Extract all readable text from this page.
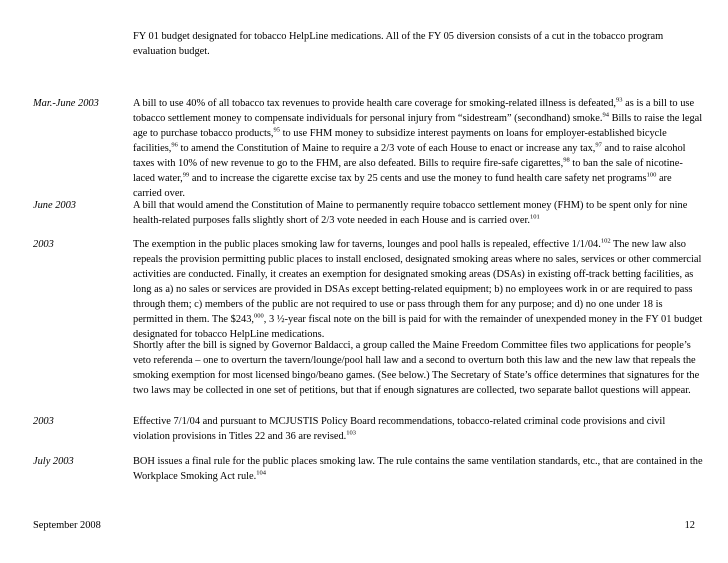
FY 01 budget designated for tobacco HelpLine medications. All of the FY 05 diversion consists of a cut in the tobacco program evaluation budget.
Mar.-June 2003	A bill to use 40% of all tobacco tax revenues to provide health care coverage for smoking-related illness is defeated,$^{93}$ as is a bill to use tobacco settlement money to compensate individuals for personal injury from “sidestream” (secondhand) smoke.$^{94}$ Bills to raise the legal age to purchase tobacco products,$^{95}$ to use FHM money to subsidize interest payments on loans for employer-established bicycle facilities,$^{96}$ to amend the Constitution of Maine to require a 2/3 vote of each House to enact or increase any tax,$^{97}$ and to raise alcohol taxes with 10% of new revenue to go to the FHM, are also defeated. Bills to require fire-safe cigarettes,$^{98}$ to ban the sale of nicotine-laced water,$^{99}$ and to increase the cigarette excise tax by 25 cents and use the money to fund health care safety net programs$^{100}$ are carried over.
June 2003	A bill that would amend the Constitution of Maine to permanently require tobacco settlement money (FHM) to be spent only for nine health-related purposes falls slightly short of 2/3 vote needed in each House and is carried over.$^{101}$
2003	The exemption in the public places smoking law for taverns, lounges and pool halls is repealed, effective 1/1/04.$^{102}$ The new law also repeals the provision permitting public places to install enclosed, designated smoking areas where no sales, services or other commercial activities are conducted. Finally, it creates an exemption for designated smoking areas (DSAs) in existing off-track betting facilities, as long as a) no sales or services are provided in DSAs except betting-related equipment; b) no employees work in or are required to pass through them; c) members of the public are not required to use or pass through them for any purpose; and d) no one under 18 is permitted in them. The $243,$^{000}$, 3 ½-year fiscal note on the bill is paid for with the remainder of unexpended money in the FY 01 budget designated for tobacco HelpLine medications.
Shortly after the bill is signed by Governor Baldacci, a group called the Maine Freedom Committee files two applications for people’s veto referenda – one to overturn the tavern/lounge/pool hall law and a second to overturn both this law and the new law that repeals the smoking exemption for most licensed bingo/beano games. (See below.) The Secretary of State’s office determines that signatures for the two laws may be collected in one set of petitions, but that if enough signatures are collected, two separate ballot questions will appear.
2003	Effective 7/1/04 and pursuant to MCJUSTIS Policy Board recommendations, tobacco-related criminal code provisions and civil violation provisions in Titles 22 and 36 are revised.$^{103}$
July 2003	BOH issues a final rule for the public places smoking law. The rule contains the same ventilation standards, etc., that are contained in the Workplace Smoking Act rule.$^{104}$
September 2008	12
